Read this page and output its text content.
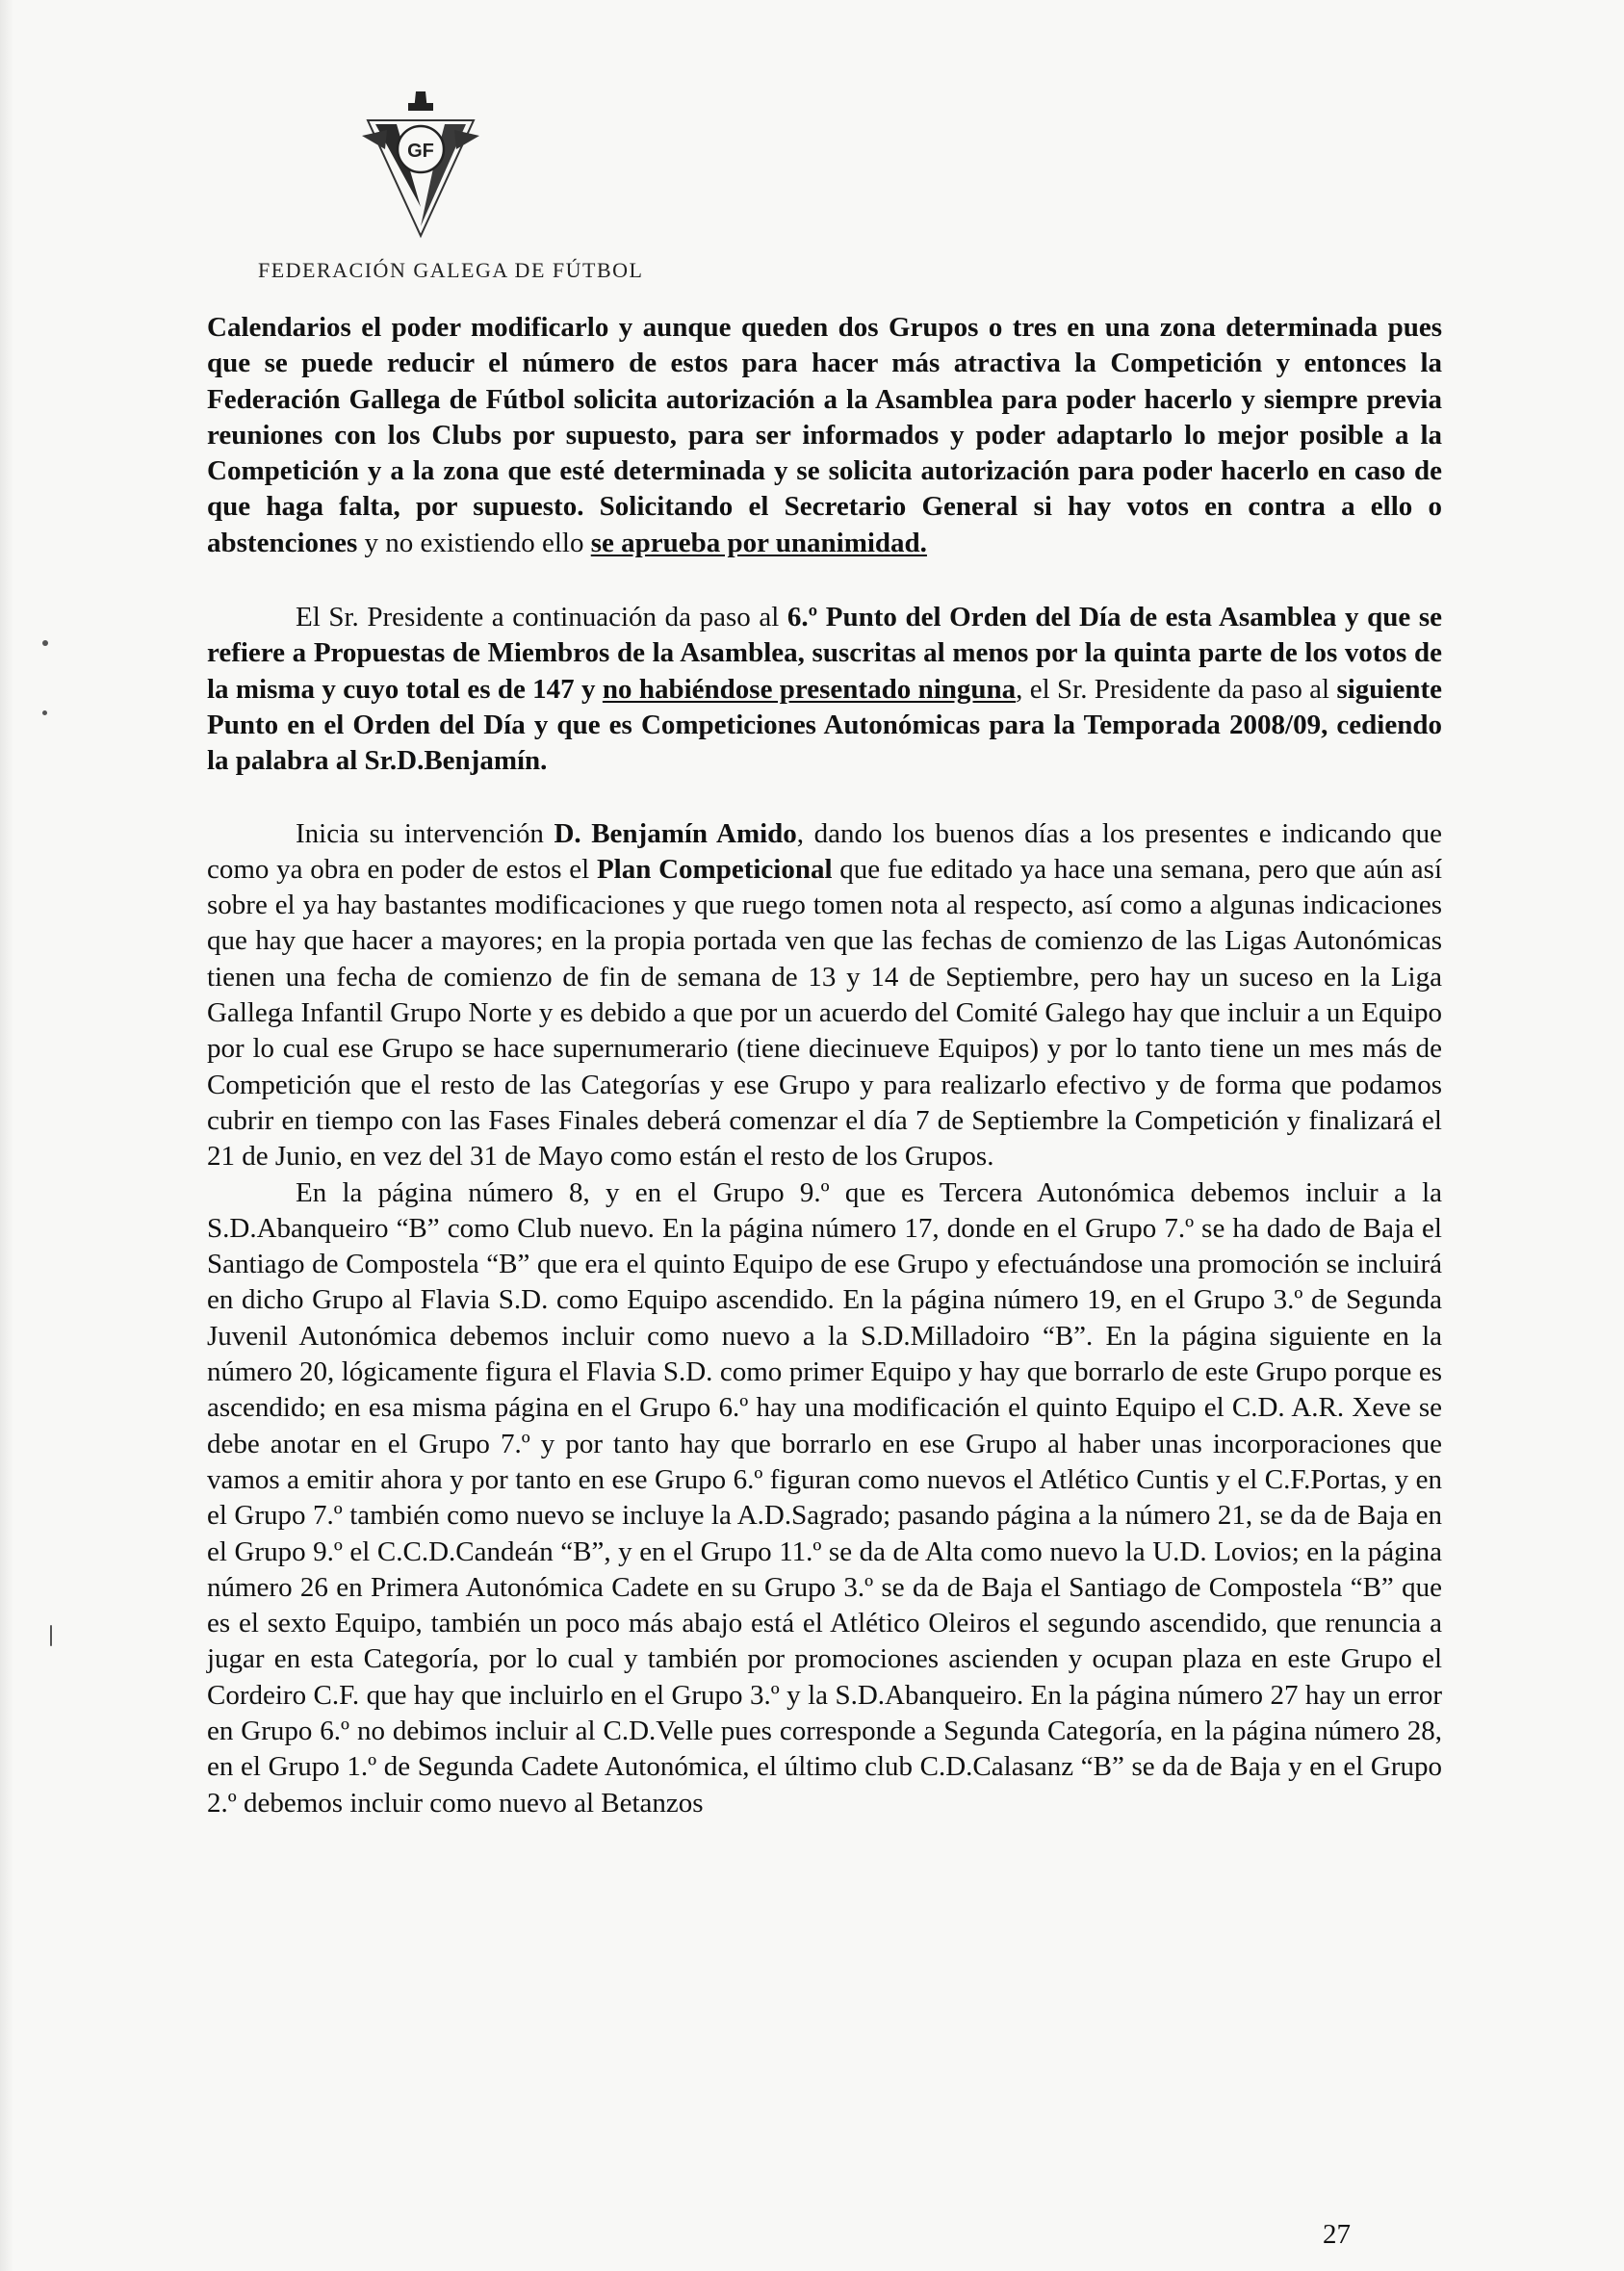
GF
FEDERACIÓN GALEGA DE FÚTBOL

Calendarios el poder modificarlo y aunque queden dos Grupos o tres en una zona determinada pues que se puede reducir el número de estos para hacer más atractiva la Competición y entonces la Federación Gallega de Fútbol solicita autorización a la Asamblea para poder hacerlo y siempre previa reuniones con los Clubs por supuesto, para ser informados y poder adaptarlo lo mejor posible a la Competición y a la zona que esté determinada y se solicita autorización para poder hacerlo en caso de que haga falta, por supuesto. Solicitando el Secretario General si hay votos en contra a ello o abstenciones y no existiendo ello se aprueba por unanimidad.

El Sr. Presidente a continuación da paso al 6.º Punto del Orden del Día de esta Asamblea y que se refiere a Propuestas de Miembros de la Asamblea, suscritas al menos por la quinta parte de los votos de la misma y cuyo total es de 147 y no habiéndose presentado ninguna, el Sr. Presidente da paso al siguiente Punto en el Orden del Día y que es Competiciones Autonómicas para la Temporada 2008/09, cediendo la palabra al Sr.D.Benjamín.

Inicia su intervención D. Benjamín Amido, dando los buenos días a los presentes e indicando que como ya obra en poder de estos el Plan Competicional que fue editado ya hace una semana, pero que aún así sobre el ya hay bastantes modificaciones y que ruego tomen nota al respecto, así como a algunas indicaciones que hay que hacer a mayores; en la propia portada ven que las fechas de comienzo de las Ligas Autonómicas tienen una fecha de comienzo de fin de semana de 13 y 14 de Septiembre, pero hay un suceso en la Liga Gallega Infantil Grupo Norte y es debido a que por un acuerdo del Comité Galego hay que incluir a un Equipo por lo cual ese Grupo se hace supernumerario (tiene diecinueve Equipos) y por lo tanto tiene un mes más de Competición que el resto de las Categorías y ese Grupo y para realizarlo efectivo y de forma que podamos cubrir en tiempo con las Fases Finales deberá comenzar el día 7 de Septiembre la Competición y finalizará el 21 de Junio, en vez del 31 de Mayo como están el resto de los Grupos.

En la página número 8, y en el Grupo 9.º que es Tercera Autonómica debemos incluir a la S.D.Abanqueiro “B” como Club nuevo. En la página número 17, donde en el Grupo 7.º se ha dado de Baja el Santiago de Compostela “B” que era el quinto Equipo de ese Grupo y efectuándose una promoción se incluirá en dicho Grupo al Flavia S.D. como Equipo ascendido. En la página número 19, en el Grupo 3.º de Segunda Juvenil Autonómica debemos incluir como nuevo a la S.D.Milladoiro “B”. En la página siguiente en la número 20, lógicamente figura el Flavia S.D. como primer Equipo y hay que borrarlo de este Grupo porque es ascendido; en esa misma página en el Grupo 6.º hay una modificación el quinto Equipo el C.D. A.R. Xeve se debe anotar en el Grupo 7.º y por tanto hay que borrarlo en ese Grupo al haber unas incorporaciones que vamos a emitir ahora y por tanto en ese Grupo 6.º figuran como nuevos el Atlético Cuntis y el C.F.Portas, y en el Grupo 7.º también como nuevo se incluye la A.D.Sagrado; pasando página a la número 21, se da de Baja en el Grupo 9.º el C.C.D.Candeán “B”, y en el Grupo 11.º se da de Alta como nuevo la U.D. Lovios; en la página número 26 en Primera Autonómica Cadete en su Grupo 3.º se da de Baja el Santiago de Compostela “B” que es el sexto Equipo, también un poco más abajo está el Atlético Oleiros el segundo ascendido, que renuncia a jugar en esta Categoría, por lo cual y también por promociones ascienden y ocupan plaza en este Grupo el Cordeiro C.F. que hay que incluirlo en el Grupo 3.º y la S.D.Abanqueiro. En la página número 27 hay un error en Grupo 6.º no debimos incluir al C.D.Velle pues corresponde a Segunda Categoría, en la página número 28, en el Grupo 1.º de Segunda Cadete Autonómica, el último club C.D.Calasanz “B” se da de Baja y en el Grupo 2.º debemos incluir como nuevo al Betanzos

27
